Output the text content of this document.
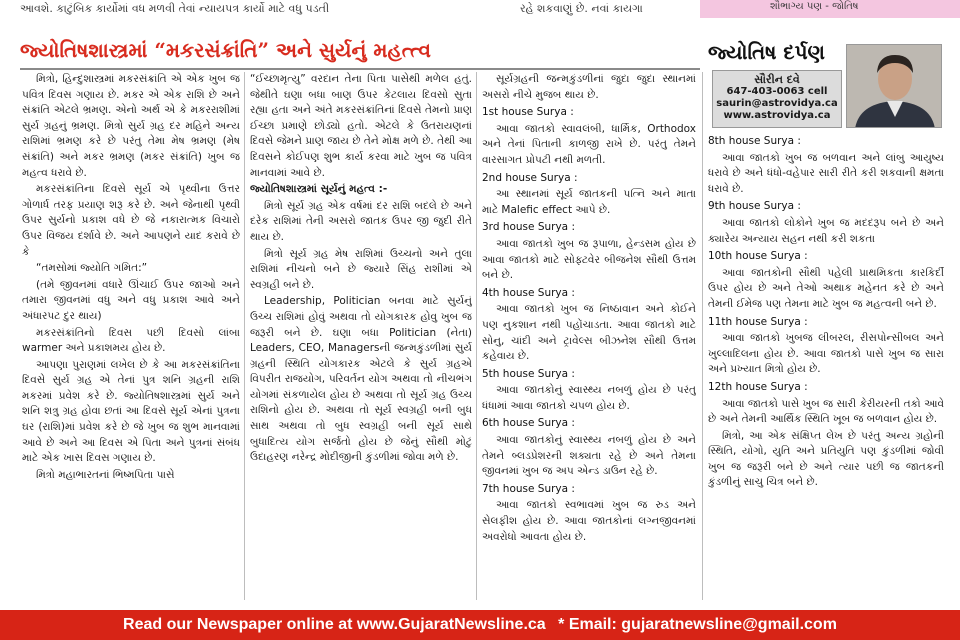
આવશે. કાટુંબિક કાર્યોમાં વધ મળવી તેવાં ન્યાયપત્ર કાર્યો માટે વધુ પડતી	રહે શકવાણું છે. નવાં કાયગા	શૌભાગ્ય પણ - જોતિષ
જ્યોતિષશાસ્ત્રમાં “મકરસંક્રાંતિ” અને સુર્યનું મહત્ત્વ	જ્યોતિષ દર્પણ
સૌરીન દવે
647-403-0063 cell
saurin@astrovidya.ca
www.astrovidya.ca

મિત્રો, હિન્દુશાસ્ત્રમાં મકરસંક્રાંતિ એ એક ખુબ જ પવિત્ર દિવસ ગણાય છે. મકર એ એક રાશિ છે અને સંક્રાંતિ એટલે ભ્રમણ. એનો અર્થ એ કે મકરરાશીમાં સુર્ય ગ્રહનું ભ્રમણ. મિત્રો સુર્ય ગ્રહ દર મહિને અન્ય રાશિમાં ભ્રમણ કરે છે પરંતુ તેમા મેષ ભ્રમણ (મેષ સંક્રાંતિ) અને મકર ભ્રમણ (મકર સંક્રાંતિ) ખુબ જ મહત્વ ધરાવે છે.

મકરસંક્રાંતિના દિવસે સૂર્ય એ પૃથ્વીના ઉત્તર ગોળાર્ધ તરફ પ્રયાણ શરૂ કરે છે. અને જેનાથી પૃથ્વી ઉપર સુર્યનો પ્રકાશ વધે છે જે નકારાત્મક વિચારો ઉપર વિજય દર્શાવે છે. અને આપણને યાદ કરાવે છે કે

“તમસોમાં જ્યોતિ ગમિત:”

(તમે જીવનમાં વધારે ઊંચાઈ ઉપર જાઓ અને તમારા જીવનમાં વધુ અને વધુ પ્રકાશ આવે અને અંધારપટ દુર થાય)

મકરસંક્રાંતિનો દિવસ પછી દિવસો લાંબા warmer અને પ્રકાશમય હોય છે.

આપણા પુરાણમાં લખેલ છે કે આ મકરસંક્રાંતિના દિવસે સુર્ય ગ્રહ એ તેનાં પુત્ર શનિ ગ્રહની રાશિ મકરમાં પ્રવેશ કરે છે. જ્યોતિષશાસ્ત્રમાં સુર્ય અને શનિ શત્રુ ગ્રહ હોવા છતાં આ દિવસે સૂર્ય એનાં પુત્રના ઘર (રાશિ)માં પ્રવેશ કરે છે જે ખુબ જ શુભ માનવામાં આવે છે અને આ દિવસ એ પિતા અને પુત્રનાં સંબંધ માટે એક ખાસ દિવસ ગણાય છે.

મિત્રો મહાભારતનાં ભિષ્મપિતા પાસે

“ઈચ્છામૃત્યુ” વરદાન તેના પિતા પાસેથી મળેલ હતું. જેથીતે ઘણા બધા બાણ ઉપર કેટલાય દિવસો સુતા રહ્યા હતા અને અંતે મકરસંક્રાંતિનાં દિવસે તેમનો પ્રાણ ઈચ્છા પ્રમાણે છોડ્યો હતો. એટલે કે ઉતરાયણનાં દિવસે જેમને પ્રાણ જાય છે તેને મોક્ષ મળે છે. તેથી આ દિવસને કોઈપણ શુભ કાર્ય કરવા માટે ખુબ જ પવિત્ર માનવામાં આવે છે.

જ્યોતિષશાસ્ત્રમાં સૂર્યનું મહત્વ :-

મિત્રો સૂર્ય ગ્રહ એક વર્ષમાં દર રાશિ બદલે છે અને દરેક રાશિમાં તેની અસરો જાતક ઉપર જી જુદી રીતે થાય છે.

મિત્રો સૂર્ય ગ્રહ મેષ રાશિમાં ઉચ્ચનો અને તુલા રાશિમાં નીચનો બને છે જ્યારે સિંહ રાશીમાં એ સ્વગ્રહી બને છે.

Leadership, Politician બનવા માટે સુર્યનું ઉચ્ચ રાશિમાં હોવું અથવા તો યોગકારક હોવુ ખુબ જ જરૂરી બને છે. ઘણા બધા Politician (નેતા) Leaders, CEO, Managersની જન્મકુંડળીમાં સુર્ય ગ્રહની સ્થિતિ યોગકારક એટલે કે સુર્ય ગ્રહએ વિપરીત રાજયોગ, પરિવર્તન યોગ અથવા તો નીચભંગ યોગમાં સંકળાયેલ હોય છે અથવા તો સૂર્ય ગ્રહ ઉચ્ચ રાશિનો હોય છે. અથવા તો સૂર્ય સ્વગ્રહી બની બુધ સાથ અથવા તો બુધ સ્વગ્રહી બની સૂર્ય સાથે બુધાદિત્ય યોગ સર્જતો હોય છે જેનું સૌથી મોટું ઉદાહરણ નરેન્દ્ર મોદીજીની કુંડળીમાં જોવા મળે છે.

સૂર્યગ્રહની જન્મકુંડળીનાં જુદા જુદા સ્થાનમાં અસરો નીચે મુજબ થાય છે.

1st house Surya :

આવા જાતકો સ્વાવલંબી, ધાર્મિક, Orthodox અને તેનાં પિતાની કાળજી રાખે છે. પરંતુ તેમને વારસાગત પ્રોપટી નથી મળતી.

2nd house Surya :

આ સ્થાનમાં સૂર્ય જાતકની પત્નિ અને માતા માટે Malefic effect આપે છે.

3rd house Surya :

આવા જાતકો ખુબ જ રૂપાળા, હેન્ડસમ હોય છે આવા જાતકો માટે સોફ્ટવેર બીજનેશ સૌથી ઉત્તમ બને છે.

4th house Surya :

આવા જાતકો ખુબ જ નિષ્ઠાવાન અને કોઈને પણ નુકશાન નથી પહોંચાડતા. આવા જાતકો માટે સોનુ, ચાંદી અને ટ્રાવેલ્સ બીઝનેશ સૌથી ઉત્તમ કહેવાય છે.

5th house Surya :

આવા જાતકોનું સ્વાસ્થ્ય નબળું હોય છે પરંતુ ધંધામાં આવા જાતકો ચપળ હોય છે.

6th house Surya :

આવા જાતકોનું સ્વાસ્થ્ય નબળું હોય છે અને તેમને બ્લડપ્રેશરની શક્યતા રહે છે અને તેમના જીવનમાં ખુબ જ અપ એન્ડ ડાઉન રહે છે.

7th house Surya :

આવા જાતકો સ્વભાવમાં ખુબ જ રુડ અને સેલફીશ હોય છે. આવા જાતકોનાં લગ્નજીવનમાં અવરોધો આવતા હોય છે.

8th house Surya :

આવા જાતકો ખુબ જ બળવાન અને લાંબુ આયુષ્ય ધરાવે છે અને ધંધો-વહેપાર સારી રીતે કરી શકવાની ક્ષમતા ધરાવે છે.

9th house Surya :

આવા જાતકો લોકોને ખુબ જ મદદરૂપ બને છે અને ક્યારેય અન્યાય સહન નથી કરી શકતા

10th house Surya :

આવા જાતકોની સૌથી પહેલી પ્રાથમિકતા કારકિર્દી ઉપર હોય છે અને તેઓ અથાક મહેનત કરે છે અને તેમની ઈમેજ પણ તેમના માટે ખુબ જ મહત્વની બને છે.

11th house Surya :

આવા જાતકો ખુબજ લીબરલ, રીસપોન્સીબલ અને ખુલ્લાદિલના હોય છે. આવા જાતકો પાસે ખુબ જ સારા અને પ્રખ્યાત મિત્રો હોય છે.

12th house Surya :

આવા જાતકો પાસે ખુબ જ સારી કેરીયરની તકો આવે છે અને તેમની આર્થિક સ્થિતિ ખૂબ જ બળવાન હોય છે.

મિત્રો, આ એક સંક્ષિપ્ત લેખ છે પરંતુ અન્ય ગ્રહોની સ્થિતિ, યોગો, યુતિ અને પ્રતિયુતિ પણ કુંડળીમાં જોવી ખુબ જ જરૂરી બને છે અને ત્યાર પછી જ જાતકની કુંડળીનું સાચુ ચિત્ર બને છે.

Read our Newspaper online at www.GujaratNewsline.ca * Email: gujaratnewsline@gmail.com
